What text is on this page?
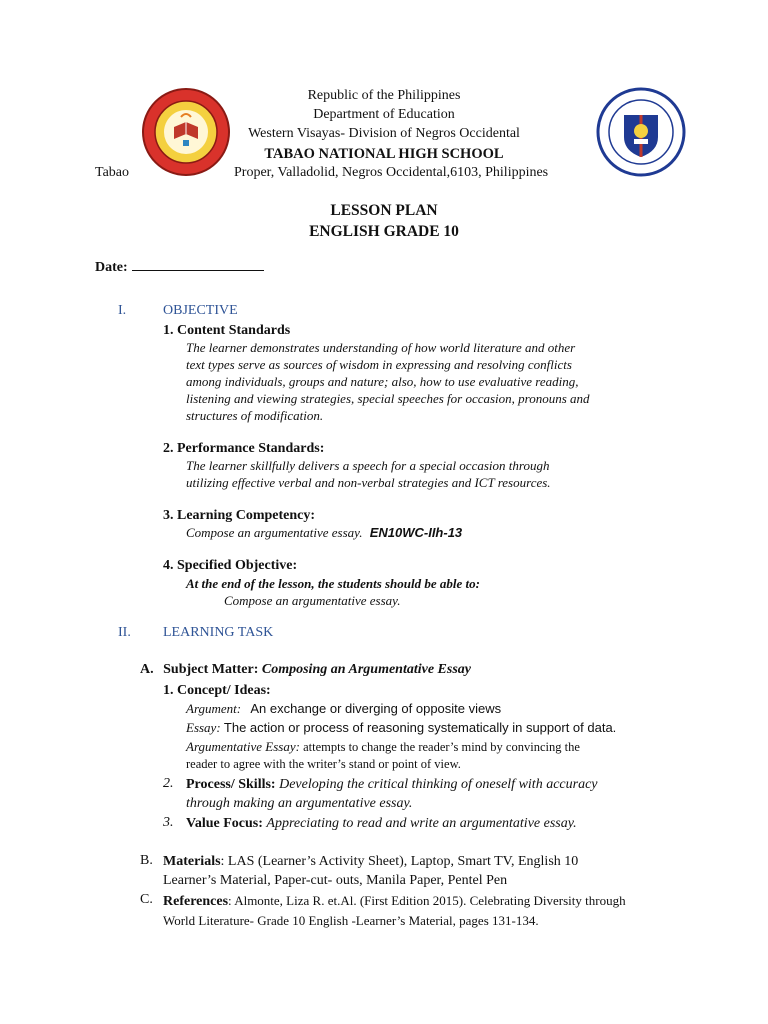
Republic of the Philippines
Department of Education
Western Visayas- Division of Negros Occidental
TABAO NATIONAL HIGH SCHOOL
Tabao	Proper, Valladolid, Negros Occidental,6103, Philippines
LESSON PLAN
ENGLISH GRADE 10
Date:
I.	OBJECTIVE
1. Content Standards
The learner demonstrates understanding of how world literature and other
text types serve as sources of wisdom in expressing and resolving conflicts
among individuals, groups and nature; also, how to use evaluative reading,
listening and viewing strategies, special speeches for occasion, pronouns and
structures of modification.
2. Performance Standards:
The learner skillfully delivers a speech for a special occasion through
utilizing effective verbal and non-verbal strategies and ICT resources.
3. Learning Competency:
Compose an argumentative essay. EN10WC-IIh-13
4. Specified Objective:
At the end of the lesson, the students should be able to:
Compose an argumentative essay.
II. LEARNING TASK
A. Subject Matter: Composing an Argumentative Essay
1. Concept/ Ideas:
Argument: An exchange or diverging of opposite views
Essay: The action or process of reasoning systematically in support of data.
Argumentative Essay: attempts to change the reader’s mind by convincing the
reader to agree with the writer’s stand or point of view.
2. Process/ Skills: Developing the critical thinking of oneself with accuracy
through making an argumentative essay.
3. Value Focus: Appreciating to read and write an argumentative essay.
B. Materials: LAS (Learner’s Activity Sheet), Laptop, Smart TV, English 10
Learner’s Material, Paper-cut- outs, Manila Paper, Pentel Pen
C. References: Almonte, Liza R. et.Al. (First Edition 2015). Celebrating Diversity through
World Literature- Grade 10 English -Learner’s Material, pages 131-134.
